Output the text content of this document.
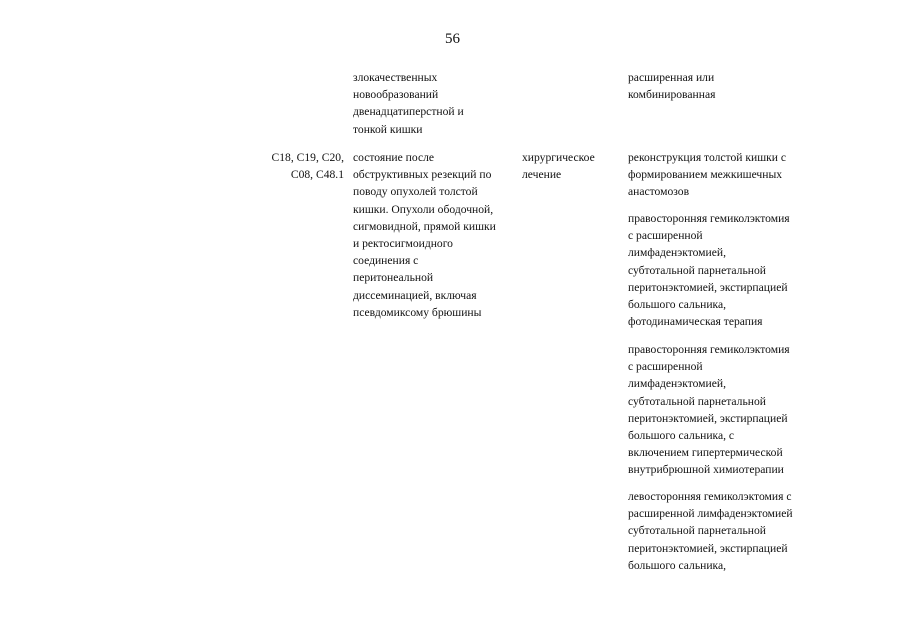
56
злокачественных
новообразований
двенадцатиперстной и
тонкой кишки
расширенная или
комбинированная
C18, C19, C20,
C08, C48.1
состояние после
обструктивных резекций по
поводу опухолей толстой
кишки. Опухоли ободочной,
сигмовидной, прямой кишки
и ректосигмоидного
соединения с
перитонеальной
диссеминацией, включая
псевдомиксому брюшины
хирургическое
лечение
реконструкция толстой кишки с
формированием межкишечных
анастомозов
правосторонняя гемиколэктомия
с расширенной
лимфаденэктомией,
субтотальной парнетальной
перитонэктомией, экстирпацией
большого сальника,
фотодинамическая терапия
правосторонняя гемиколэктомия
с расширенной
лимфаденэктомией,
субтотальной парнетальной
перитонэктомией, экстирпацией
большого сальника, с
включением гипертермической
внутрибрюшной химиотерапии
левосторонняя гемиколэктомия с
расширенной лимфаденэктомией
субтотальной парнетальной
перитонэктомией, экстирпацией
большого сальника,
